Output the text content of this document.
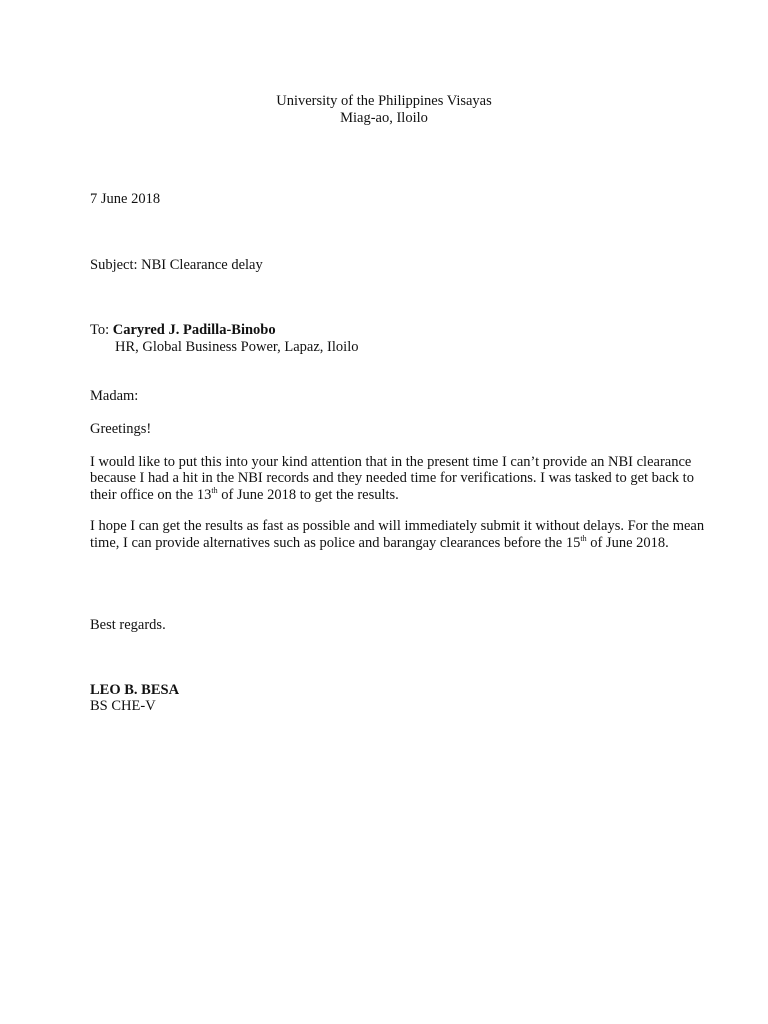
University of the Philippines Visayas
Miag-ao, Iloilo
7 June 2018
Subject: NBI Clearance delay
To: Caryred J. Padilla-Binobo
HR, Global Business Power, Lapaz, Iloilo
Madam:
Greetings!
I would like to put this into your kind attention that in the present time I can’t provide an NBI clearance
because I had a hit in the NBI records and they needed time for verifications. I was tasked to get back to
their office on the 13th of June 2018 to get the results.
I hope I can get the results as fast as possible and will immediately submit it without delays. For the mean
time, I can provide alternatives such as police and barangay clearances before the 15th of June 2018.
Best regards.
LEO B. BESA
BS CHE-V
